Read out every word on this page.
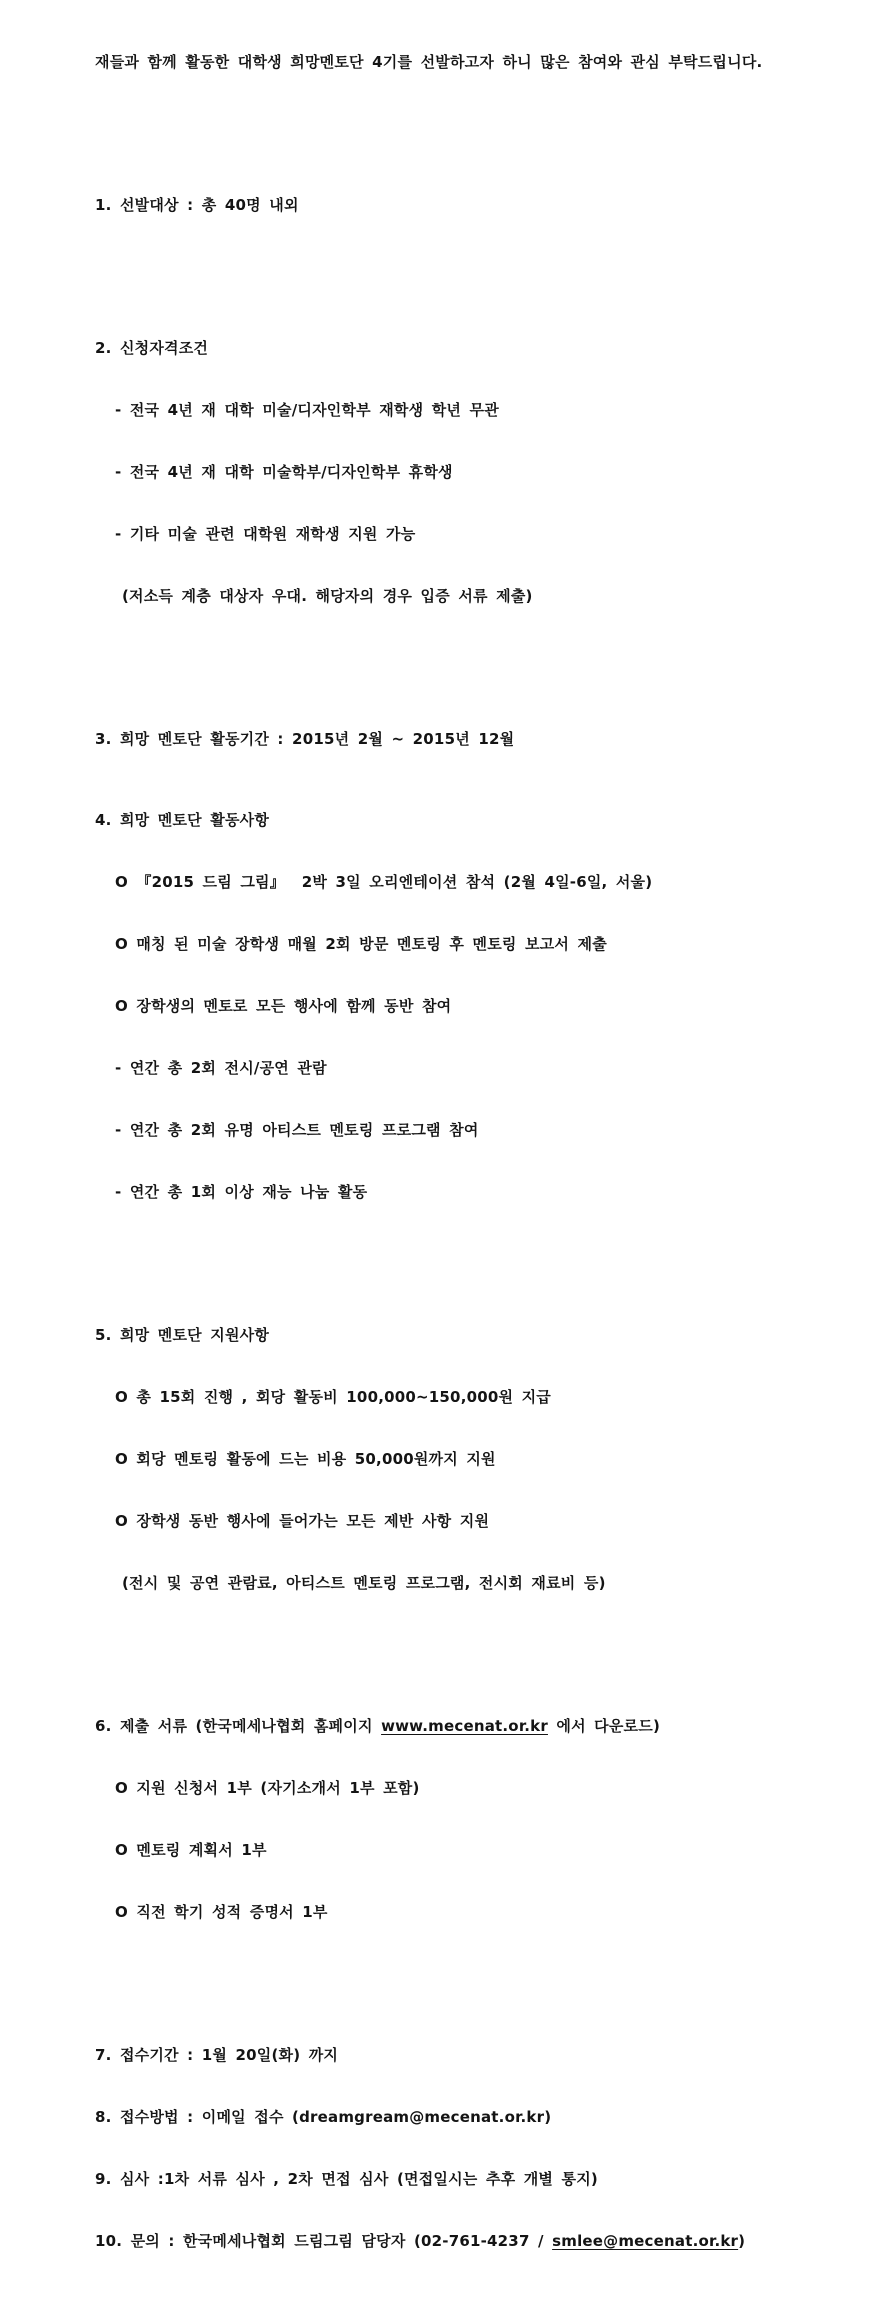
재들과 함께 활동한 대학생 희망멘토단 4기를 선발하고자 하니 많은 참여와 관심 부탁드립니다.

1. 선발대상 : 총 40명 내외

2. 신청자격조건

- 전국 4년 재 대학 미술/디자인학부 재학생 학년 무관

- 전국 4년 재 대학 미술학부/디자인학부 휴학생

- 기타 미술 관련 대학원 재학생 지원 가능

(저소득 계층 대상자 우대. 해당자의 경우 입증 서류 제출)

3. 희망 멘토단 활동기간 : 2015년 2월 ~ 2015년 12월

4. 희망 멘토단 활동사항

O 『2015 드림 그림』  2박 3일 오리엔테이션 참석 (2월 4일-6일, 서울)

O 매칭 된 미술 장학생 매월 2회 방문 멘토링 후 멘토링 보고서 제출

O 장학생의 멘토로 모든 행사에 함께 동반 참여

- 연간 총 2회 전시/공연 관람

- 연간 총 2회 유명 아티스트 멘토링 프로그램 참여

- 연간 총 1회 이상 재능 나눔 활동

5. 희망 멘토단 지원사항

O 총 15회 진행 , 회당 활동비 100,000~150,000원 지급

O 회당 멘토링 활동에 드는 비용 50,000원까지 지원

O 장학생 동반 행사에 들어가는 모든 제반 사항 지원

(전시 및 공연 관람료, 아티스트 멘토링 프로그램, 전시회 재료비 등)

6. 제출 서류 (한국메세나협회 홈페이지 www.mecenat.or.kr 에서 다운로드)

O 지원 신청서 1부 (자기소개서 1부 포함)

O 멘토링 계획서 1부

O 직전 학기 성적 증명서 1부

7. 접수기간 : 1월 20일(화) 까지

8. 접수방법 : 이메일 접수 (dreamgream@mecenat.or.kr)

9. 심사 :1차 서류 심사 , 2차 면접 심사 (면접일시는 추후 개별 통지)

10. 문의 : 한국메세나협회 드림그림 담당자 (02-761-4237 / smlee@mecenat.or.kr)
